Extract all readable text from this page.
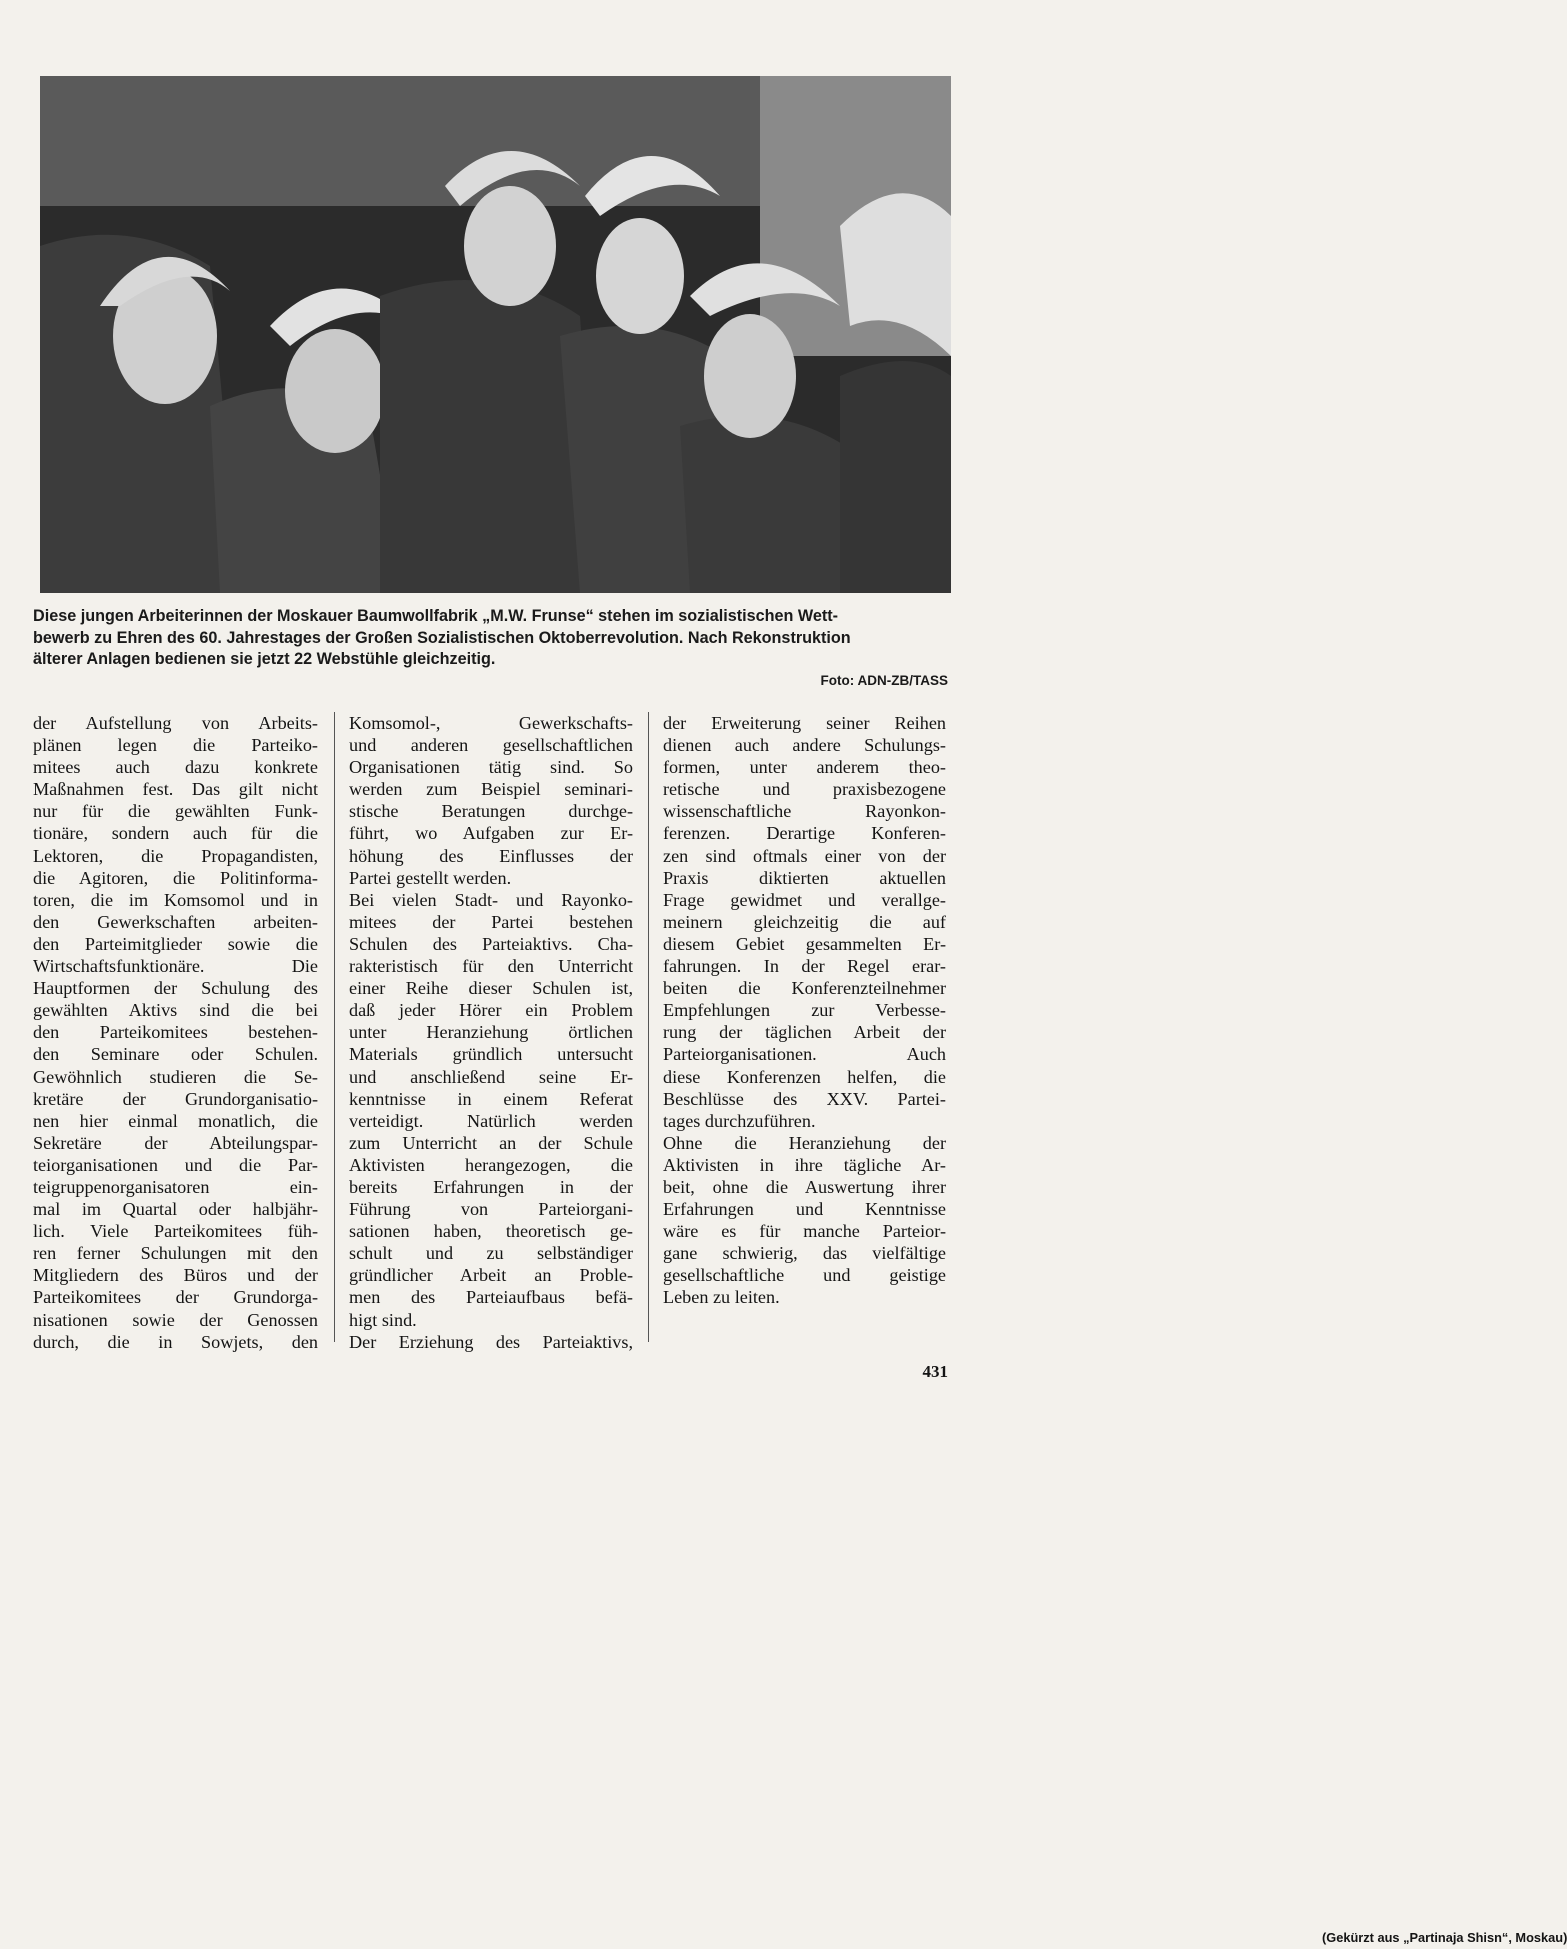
Diese jungen Arbeiterinnen der Moskauer Baumwollfabrik „M.W. Frunse“ stehen im sozialistischen Wett-
bewerb zu Ehren des 60. Jahrestages der Großen Sozialistischen Oktoberrevolution. Nach Rekonstruktion
älterer Anlagen bedienen sie jetzt 22 Webstühle gleichzeitig.
Foto: ADN-ZB/TASS
der Aufstellung von Arbeits-
plänen legen die Parteiko-
mitees auch dazu konkrete
Maßnahmen fest. Das gilt nicht
nur für die gewählten Funk-
tionäre, sondern auch für die
Lektoren, die Propagandisten,
die Agitoren, die Politinforma-
toren, die im Komsomol und in
den Gewerkschaften arbeiten-
den Parteimitglieder sowie die
Wirtschaftsfunktionäre. Die
Hauptformen der Schulung des
gewählten Aktivs sind die bei
den Parteikomitees bestehen-
den Seminare oder Schulen.
Gewöhnlich studieren die Se-
kretäre der Grundorganisatio-
nen hier einmal monatlich, die
Sekretäre der Abteilungspar-
teiorganisationen und die Par-
teigruppenorganisatoren ein-
mal im Quartal oder halbjähr-
lich. Viele Parteikomitees füh-
ren ferner Schulungen mit den
Mitgliedern des Büros und der
Parteikomitees der Grundorga-
nisationen sowie der Genossen
durch, die in Sowjets, den
Komsomol-, Gewerkschafts-
und anderen gesellschaftlichen
Organisationen tätig sind. So
werden zum Beispiel seminari-
stische Beratungen durchge-
führt, wo Aufgaben zur Er-
höhung des Einflusses der
Partei gestellt werden.
Bei vielen Stadt- und Rayonko-
mitees der Partei bestehen
Schulen des Parteiaktivs. Cha-
rakteristisch für den Unterricht
einer Reihe dieser Schulen ist,
daß jeder Hörer ein Problem
unter Heranziehung örtlichen
Materials gründlich untersucht
und anschließend seine Er-
kenntnisse in einem Referat
verteidigt. Natürlich werden
zum Unterricht an der Schule
Aktivisten herangezogen, die
bereits Erfahrungen in der
Führung von Parteiorgani-
sationen haben, theoretisch ge-
schult und zu selbständiger
gründlicher Arbeit an Proble-
men des Parteiaufbaus befä-
higt sind.
Der Erziehung des Parteiaktivs,
der Erweiterung seiner Reihen
dienen auch andere Schulungs-
formen, unter anderem theo-
retische und praxisbezogene
wissenschaftliche Rayonkon-
ferenzen. Derartige Konferen-
zen sind oftmals einer von der
Praxis diktierten aktuellen
Frage gewidmet und verallge-
meinern gleichzeitig die auf
diesem Gebiet gesammelten Er-
fahrungen. In der Regel erar-
beiten die Konferenzteilnehmer
Empfehlungen zur Verbesse-
rung der täglichen Arbeit der
Parteiorganisationen. Auch
diese Konferenzen helfen, die
Beschlüsse des XXV. Partei-
tages durchzuführen.
Ohne die Heranziehung der
Aktivisten in ihre tägliche Ar-
beit, ohne die Auswertung ihrer
Erfahrungen und Kenntnisse
wäre es für manche Parteior-
gane schwierig, das vielfältige
gesellschaftliche und geistige
Leben zu leiten.
(Gekürzt aus „Partinaja Shisn“, Moskau)
431
